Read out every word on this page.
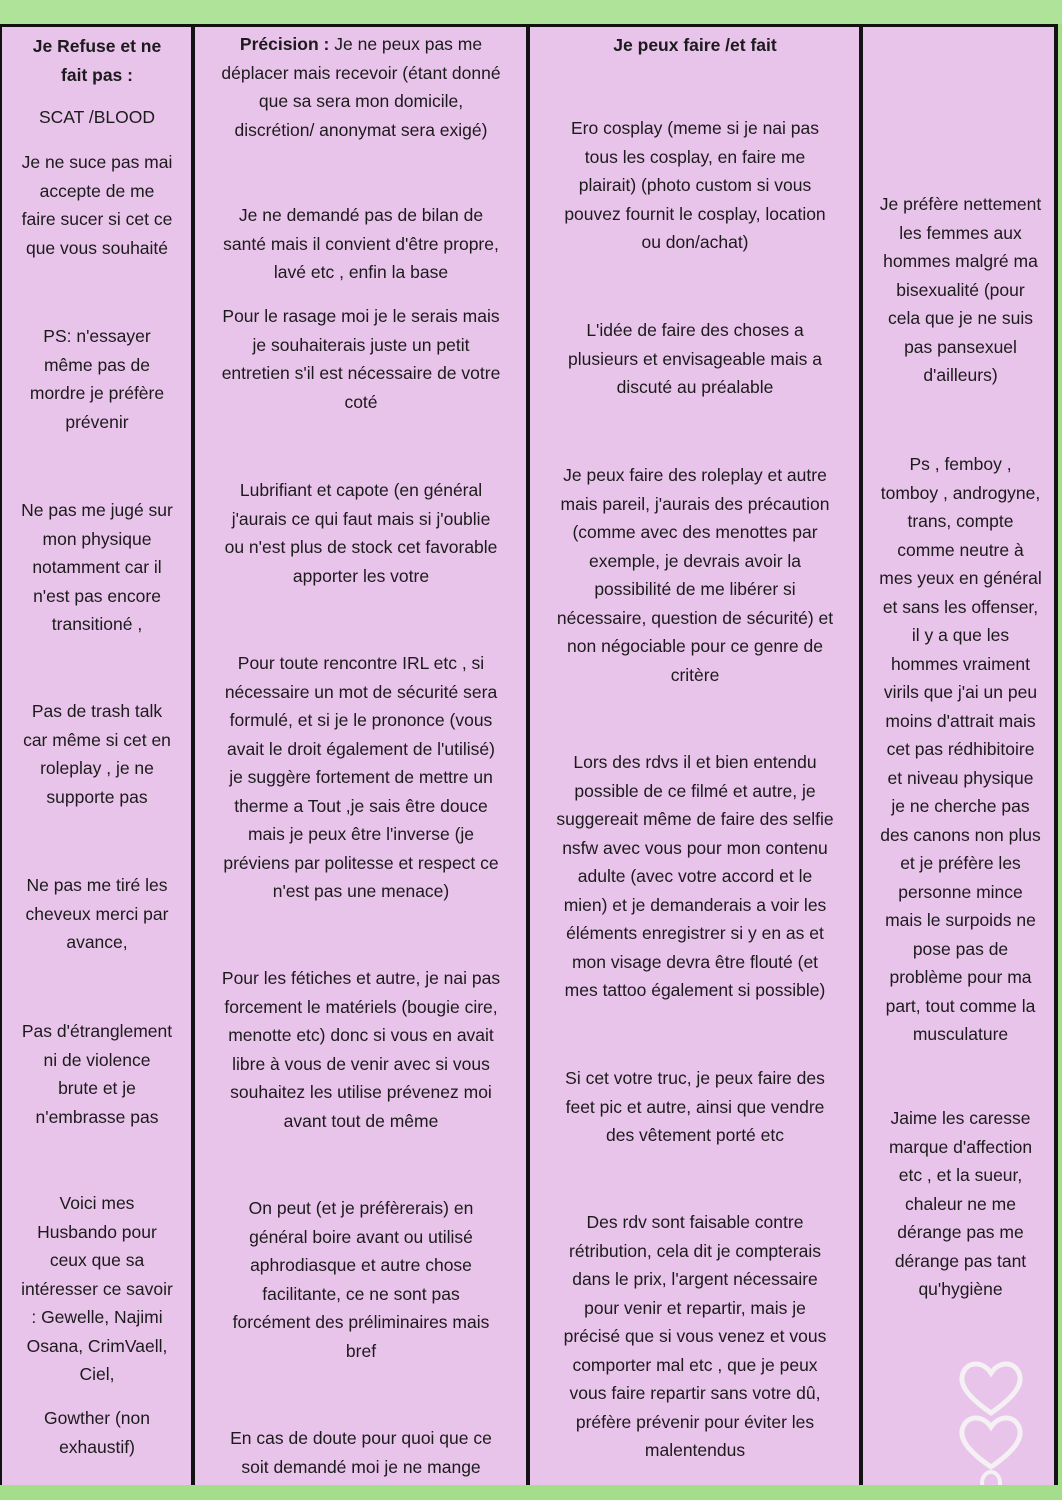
Je Refuse et ne
fait pas :
SCAT /BLOOD
Je ne suce pas mai
accepte de me
faire sucer si cet ce
que vous souhaité
PS: n'essayer
même pas de
mordre je préfère
prévenir
Ne pas me jugé sur
mon physique
notamment car il
n'est pas encore
transitioné ,
Pas de trash talk
car même si cet en
roleplay , je ne
supporte pas
Ne pas me tiré les
cheveux merci par
avance,
Pas d'étranglement
ni de violence
brute et je
n'embrasse pas
Voici mes
Husbando pour
ceux que sa
intéresser ce savoir
: Gewelle, Najimi
Osana, CrimVaell,
Ciel,
Gowther (non
exhaustif)
Précision : Je ne peux pas me
déplacer mais recevoir (étant donné
que sa sera mon domicile,
discrétion/ anonymat sera exigé)
Je ne demandé pas de bilan de
santé mais il convient d'être propre,
lavé etc , enfin la base
Pour le rasage moi je le serais mais
je souhaiterais juste un petit
entretien s'il est nécessaire de votre
coté
Lubrifiant et capote (en général
j'aurais ce qui faut mais si j'oublie
ou n'est plus de stock cet favorable
apporter les votre
Pour toute rencontre IRL etc , si
nécessaire un mot de sécurité sera
formulé, et si je le prononce (vous
avait le droit également de l'utilisé)
je suggère fortement de mettre un
therme a Tout ,je sais être douce
mais je peux être l'inverse (je
préviens par politesse et respect ce
n'est pas une menace)
Pour les fétiches et autre, je nai pas
forcement le matériels (bougie cire,
menotte etc) donc si vous en avait
libre à vous de venir avec si vous
souhaitez les utilise prévenez moi
avant tout de même
On peut (et je préfèrerais) en
général boire avant ou utilisé
aphrodiasque et autre chose
facilitante, ce ne sont pas
forcément des préliminaires mais
bref
En cas de doute pour quoi que ce
soit demandé moi je ne mange
Je peux faire /et fait
Ero cosplay (meme si je nai pas
tous les cosplay, en faire me
plairait) (photo custom si vous
pouvez fournit le cosplay, location
ou don/achat)
L'idée de faire des choses a
plusieurs et envisageable mais a
discuté au préalable
Je peux faire des roleplay et autre
mais pareil, j'aurais des précaution
(comme avec des menottes par
exemple, je devrais avoir la
possibilité de me libérer si
nécessaire, question de sécurité) et
non négociable pour ce genre de
critère
Lors des rdvs il et bien entendu
possible de ce filmé et autre, je
suggereait même de faire des selfie
nsfw avec vous pour mon contenu
adulte (avec votre accord et le
mien) et je demanderais a voir les
éléments enregistrer si y en as et
mon visage devra être flouté (et
mes tattoo également si possible)
Si cet votre truc, je peux faire des
feet pic et autre, ainsi que vendre
des vêtement porté etc
Des rdv sont faisable contre
rétribution, cela dit je compterais
dans le prix, l'argent nécessaire
pour venir et repartir, mais je
précisé que si vous venez et vous
comporter mal etc , que je peux
vous faire repartir sans votre dû,
préfère prévenir pour éviter les
malentendus
Je préfère nettement
les femmes aux
hommes malgré ma
bisexualité (pour
cela que je ne suis
pas pansexuel
d'ailleurs)
Ps , femboy ,
tomboy , androgyne,
trans, compte
comme neutre à
mes yeux en général
et sans les offenser,
il y a que les
hommes vraiment
virils que j'ai un peu
moins d'attrait mais
cet pas rédhibitoire
et niveau physique
je ne cherche pas
des canons non plus
et je préfère les
personne mince
mais le surpoids ne
pose pas de
problème pour ma
part, tout comme la
musculature
Jaime les caresse
marque d'affection
etc , et la sueur,
chaleur ne me
dérange pas me
dérange pas tant
qu'hygiène
